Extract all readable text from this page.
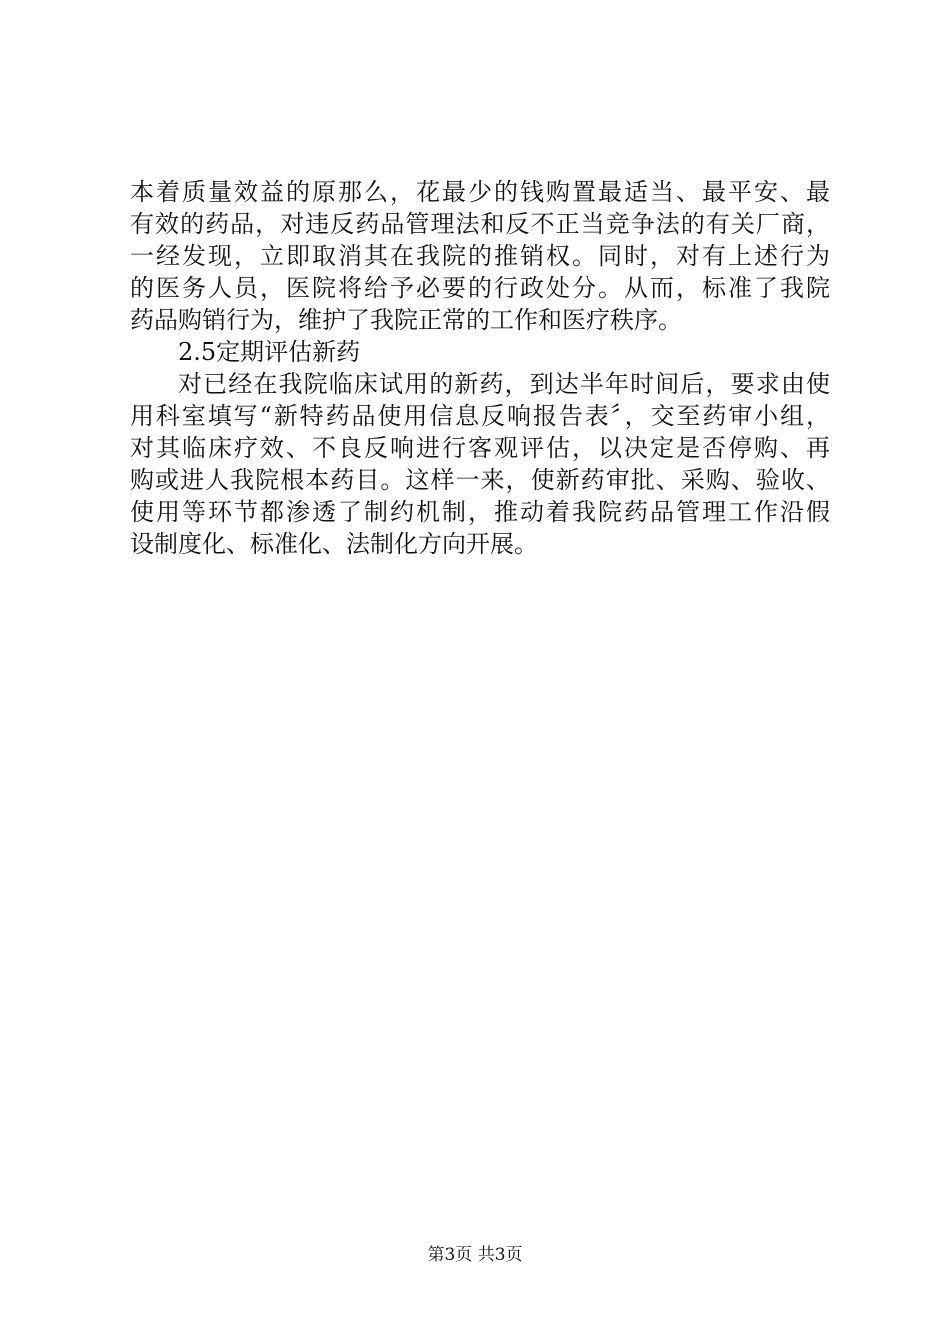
本着质量效益的原那么，花最少的钱购置最适当、最平安、最
有效的药品，对违反药品管理法和反不正当竞争法的有关厂商，
一经发现，立即取消其在我院的推销权。同时，对有上述行为
的医务人员，医院将给予必要的行政处分。从而，标准了我院
药品购销行为，维护了我院正常的工作和医疗秩序。
2.5定期评估新药
对已经在我院临床试用的新药，到达半年时间后，要求由使
用科室填写“新特药品使用信息反响报告表〞，交至药审小组，
对其临床疗效、不良反响进行客观评估，以决定是否停购、再
购或进人我院根本药目。这样一来，使新药审批、采购、验收、
使用等环节都渗透了制约机制，推动着我院药品管理工作沿假
设制度化、标准化、法制化方向开展。
第3页 共3页
